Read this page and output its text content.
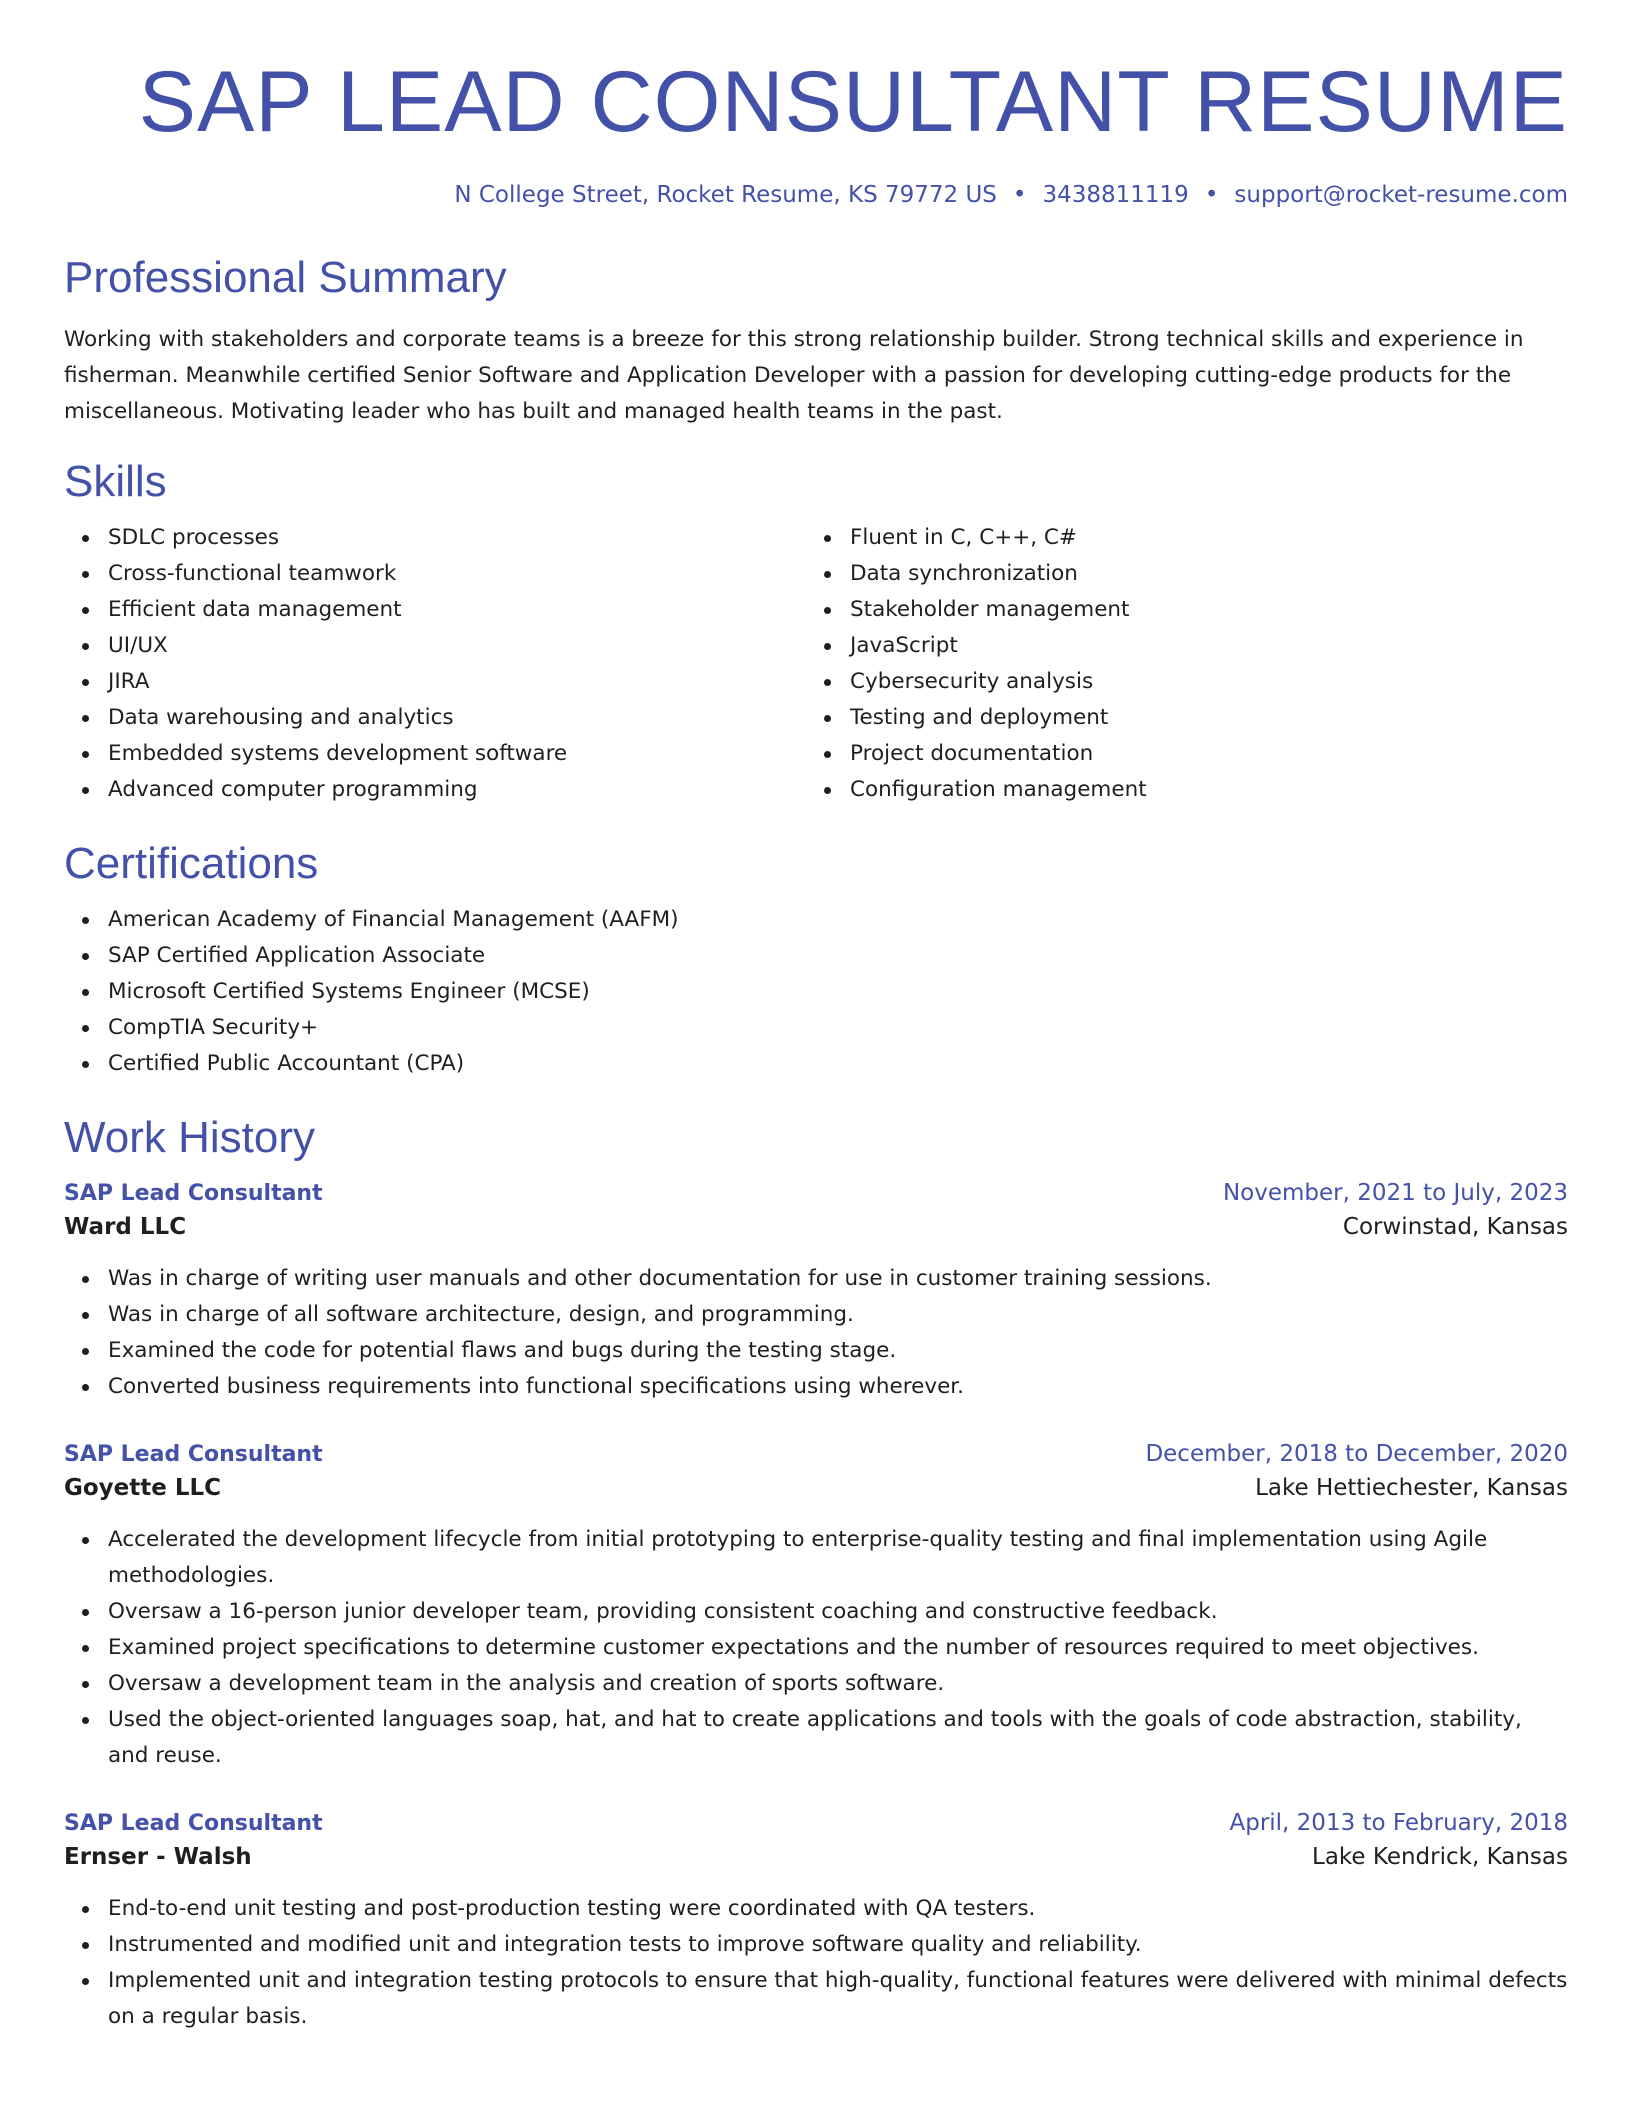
SAP LEAD CONSULTANT RESUME
N College Street, Rocket Resume, KS 79772 US • 3438811119 • support@rocket-resume.com
Professional Summary

Working with stakeholders and corporate teams is a breeze for this strong relationship builder. Strong technical skills and experience in fisherman. Meanwhile certified Senior Software and Application Developer with a passion for developing cutting-edge products for the miscellaneous. Motivating leader who has built and managed health teams in the past.

Skills
SDLC processes
Cross-functional teamwork
Efficient data management
UI/UX
JIRA
Data warehousing and analytics
Embedded systems development software
Advanced computer programming
Fluent in C, C++, C#
Data synchronization
Stakeholder management
JavaScript
Cybersecurity analysis
Testing and deployment
Project documentation
Configuration management
Certifications
American Academy of Financial Management (AAFM)
SAP Certified Application Associate
Microsoft Certified Systems Engineer (MCSE)
CompTIA Security+
Certified Public Accountant (CPA)
Work History
SAP Lead Consultant	November, 2021 to July, 2023
Ward LLC	Corwinstad, Kansas
Was in charge of writing user manuals and other documentation for use in customer training sessions.
Was in charge of all software architecture, design, and programming.
Examined the code for potential flaws and bugs during the testing stage.
Converted business requirements into functional specifications using wherever.
SAP Lead Consultant	December, 2018 to December, 2020
Goyette LLC	Lake Hettiechester, Kansas
Accelerated the development lifecycle from initial prototyping to enterprise-quality testing and final implementation using Agile methodologies.
Oversaw a 16-person junior developer team, providing consistent coaching and constructive feedback.
Examined project specifications to determine customer expectations and the number of resources required to meet objectives.
Oversaw a development team in the analysis and creation of sports software.
Used the object-oriented languages soap, hat, and hat to create applications and tools with the goals of code abstraction, stability, and reuse.
SAP Lead Consultant	April, 2013 to February, 2018
Ernser - Walsh	Lake Kendrick, Kansas
End-to-end unit testing and post-production testing were coordinated with QA testers.
Instrumented and modified unit and integration tests to improve software quality and reliability.
Implemented unit and integration testing protocols to ensure that high-quality, functional features were delivered with minimal defects on a regular basis.
